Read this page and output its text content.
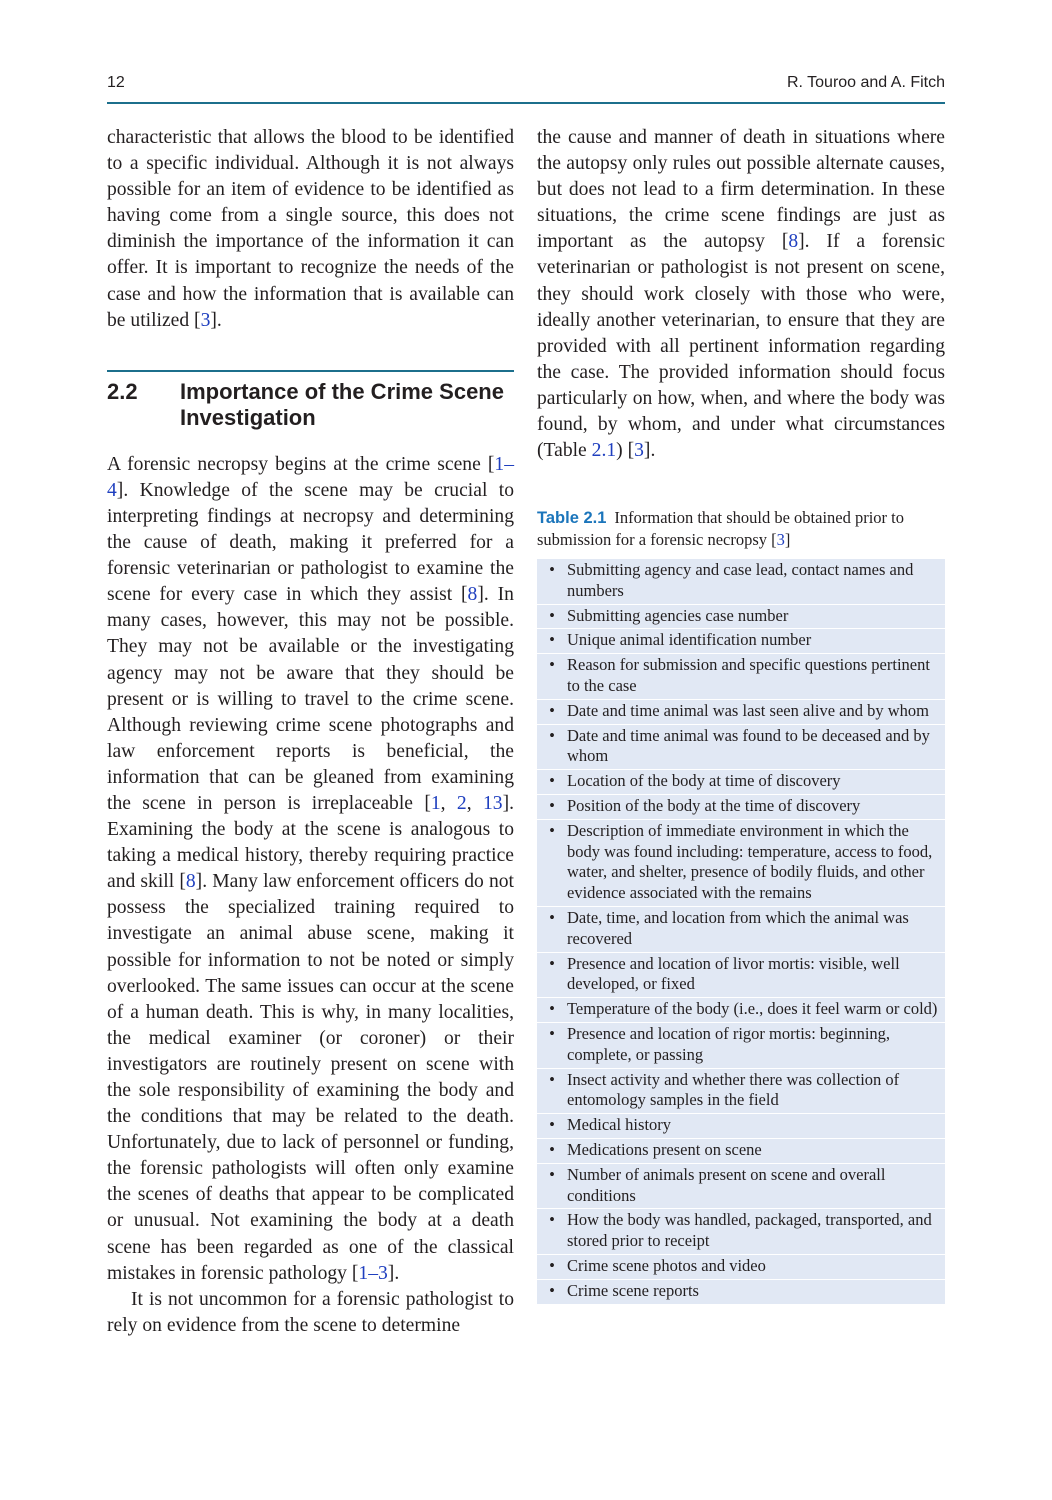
12	R. Touroo and A. Fitch

characteristic that allows the blood to be identified to a specific individual. Although it is not always possible for an item of evidence to be identified as having come from a single source, this does not diminish the importance of the information it can offer. It is important to recognize the needs of the case and how the information that is available can be utilized [3].

2.2	Importance of the Crime Scene Investigation

A forensic necropsy begins at the crime scene [1–4]. Knowledge of the scene may be crucial to interpreting findings at necropsy and determining the cause of death, making it preferred for a forensic veterinarian or pathologist to examine the scene for every case in which they assist [8]. In many cases, however, this may not be possible. They may not be available or the investigating agency may not be aware that they should be present or is willing to travel to the crime scene. Although reviewing crime scene photographs and law enforcement reports is beneficial, the information that can be gleaned from examining the scene in person is irreplaceable [1, 2, 13]. Examining the body at the scene is analogous to taking a medical history, thereby requiring practice and skill [8]. Many law enforcement officers do not possess the specialized training required to investigate an animal abuse scene, making it possible for information to not be noted or simply overlooked. The same issues can occur at the scene of a human death. This is why, in many localities, the medical examiner (or coroner) or their investigators are routinely present on scene with the sole responsibility of examining the body and the conditions that may be related to the death. Unfortunately, due to lack of personnel or funding, the forensic pathologists will often only examine the scenes of deaths that appear to be complicated or unusual. Not examining the body at a death scene has been regarded as one of the classical mistakes in forensic pathology [1–3].

It is not uncommon for a forensic pathologist to rely on evidence from the scene to determine

the cause and manner of death in situations where the autopsy only rules out possible alternate causes, but does not lead to a firm determination. In these situations, the crime scene findings are just as important as the autopsy [8]. If a forensic veterinarian or pathologist is not present on scene, they should work closely with those who were, ideally another veterinarian, to ensure that they are provided with all pertinent information regarding the case. The provided information should focus particularly on how, when, and where the body was found, by whom, and under what circumstances (Table 2.1) [3].

Table 2.1 Information that should be obtained prior to submission for a forensic necropsy [3]
• Submitting agency and case lead, contact names and numbers
• Submitting agencies case number
• Unique animal identification number
• Reason for submission and specific questions pertinent to the case
• Date and time animal was last seen alive and by whom
• Date and time animal was found to be deceased and by whom
• Location of the body at time of discovery
• Position of the body at the time of discovery
• Description of immediate environment in which the body was found including: temperature, access to food, water, and shelter, presence of bodily fluids, and other evidence associated with the remains
• Date, time, and location from which the animal was recovered
• Presence and location of livor mortis: visible, well developed, or fixed
• Temperature of the body (i.e., does it feel warm or cold)
• Presence and location of rigor mortis: beginning, complete, or passing
• Insect activity and whether there was collection of entomology samples in the field
• Medical history
• Medications present on scene
• Number of animals present on scene and overall conditions
• How the body was handled, packaged, transported, and stored prior to receipt
• Crime scene photos and video
• Crime scene reports
